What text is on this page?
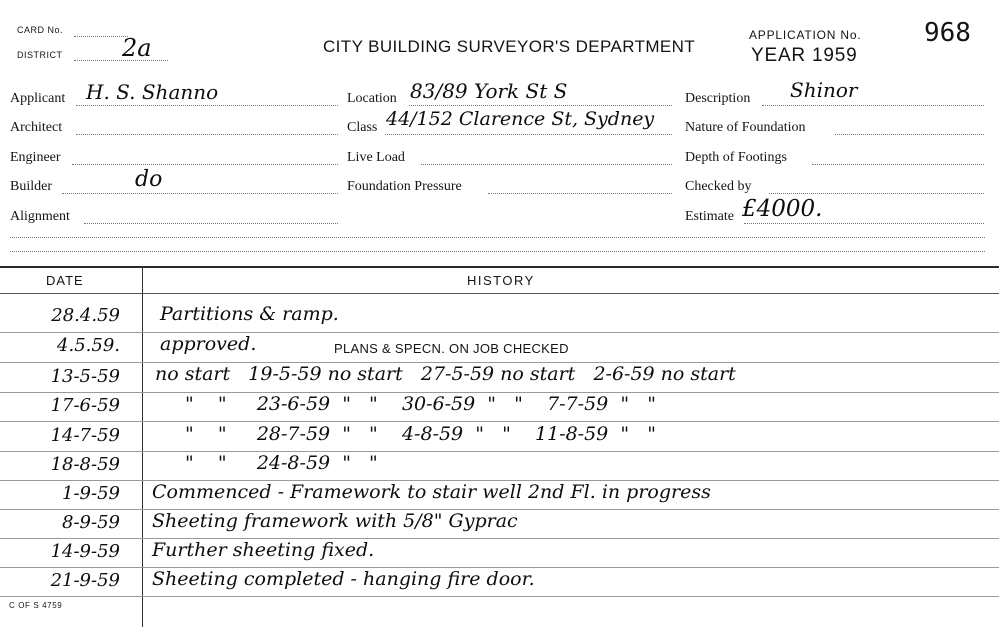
CARD No.
DISTRICT 2a	CITY BUILDING SURVEYOR'S DEPARTMENT
APPLICATION No. 968
YEAR 1959
Applicant H. S. Shanno
Architect
Engineer
Builder	do
Alignment
Location 83/89 York St S
Class 44/152 Clarence St, Sydney
Live Load
Foundation Pressure
Description Shinor
Nature of Foundation
Depth of Footings
Checked by
Estimate £4000.
DATE	HISTORY
28.4.59 Partitions & ramp.
4.5.59. approved.	PLANS & SPECN. ON JOB CHECKED
13-5-59 no start   19-5-59 no start   27-5-59 no start   2-6-59 no start
17-6-59	"    "     23-6-59  "   "    30-6-59  "   "    7-7-59  "   "
14-7-59	"    "     28-7-59  "   "    4-8-59  "   "    11-8-59  "   "
18-8-59	"    "     24-8-59  "   "
1-9-59 Commenced - Framework to stair well 2nd Fl. in progress
8-9-59 Sheeting framework with 5/8" Gyprac
14-9-59 Further sheeting fixed.
21-9-59 Sheeting completed - hanging fire door.
C OF S 4759
